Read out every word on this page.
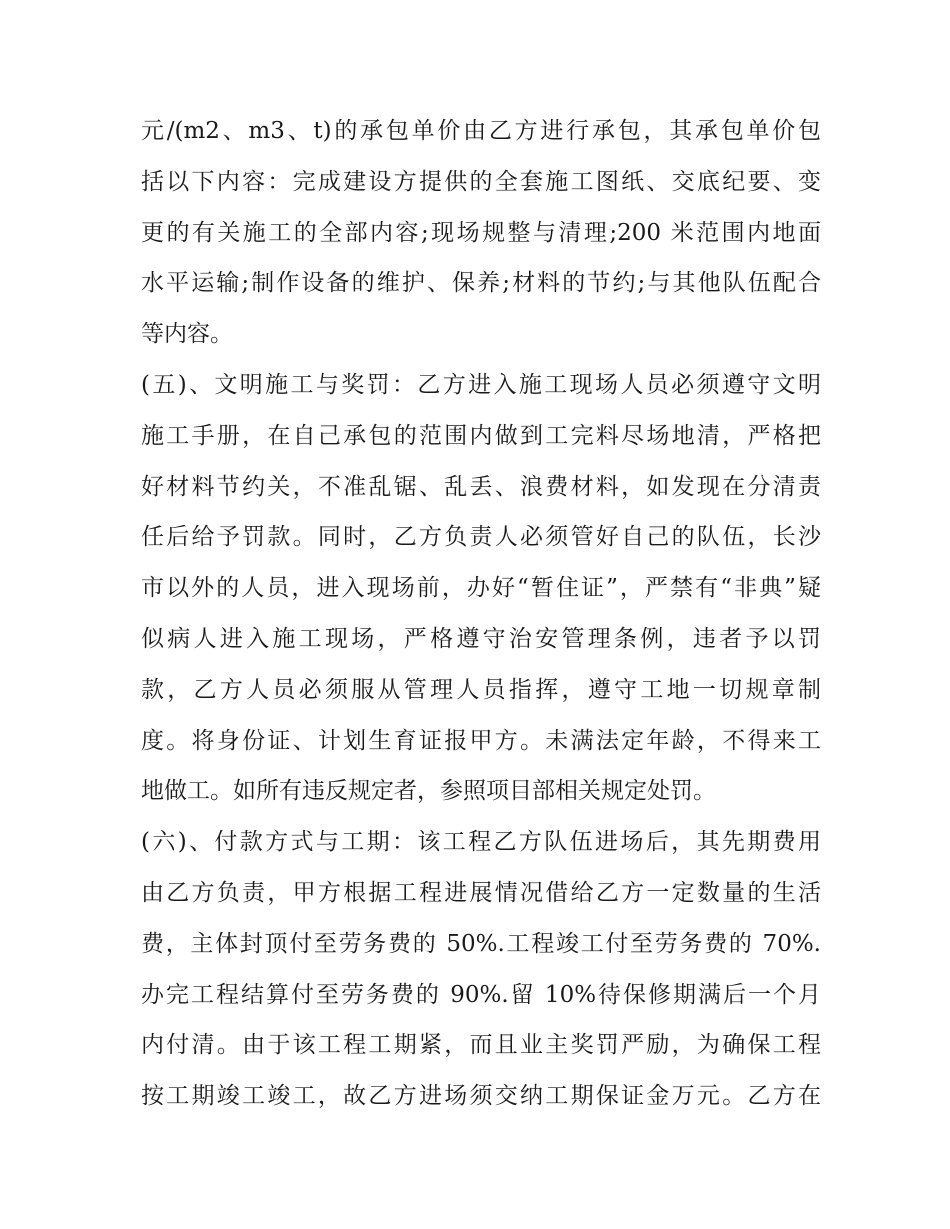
元/(m2、m3、t)的承包单价由乙方进行承包，其承包单价包
括以下内容：完成建设方提供的全套施工图纸、交底纪要、变
更的有关施工的全部内容;现场规整与清理;200 米范围内地面
水平运输;制作设备的维护、保养;材料的节约;与其他队伍配合
等内容。
(五)、文明施工与奖罚：乙方进入施工现场人员必须遵守文明
施工手册，在自己承包的范围内做到工完料尽场地清，严格把
好材料节约关，不准乱锯、乱丢、浪费材料，如发现在分清责
任后给予罚款。同时，乙方负责人必须管好自己的队伍，长沙
市以外的人员，进入现场前，办好“暂住证”，严禁有“非典”疑
似病人进入施工现场，严格遵守治安管理条例，违者予以罚
款，乙方人员必须服从管理人员指挥，遵守工地一切规章制
度。将身份证、计划生育证报甲方。未满法定年龄，不得来工
地做工。如所有违反规定者，参照项目部相关规定处罚。
(六)、付款方式与工期：该工程乙方队伍进场后，其先期费用
由乙方负责，甲方根据工程进展情况借给乙方一定数量的生活
费，主体封顶付至劳务费的 50%.工程竣工付至劳务费的 70%.
办完工程结算付至劳务费的 90%.留 10%待保修期满后一个月
内付清。由于该工程工期紧，而且业主奖罚严励，为确保工程
按工期竣工竣工，故乙方进场须交纳工期保证金万元。乙方在
